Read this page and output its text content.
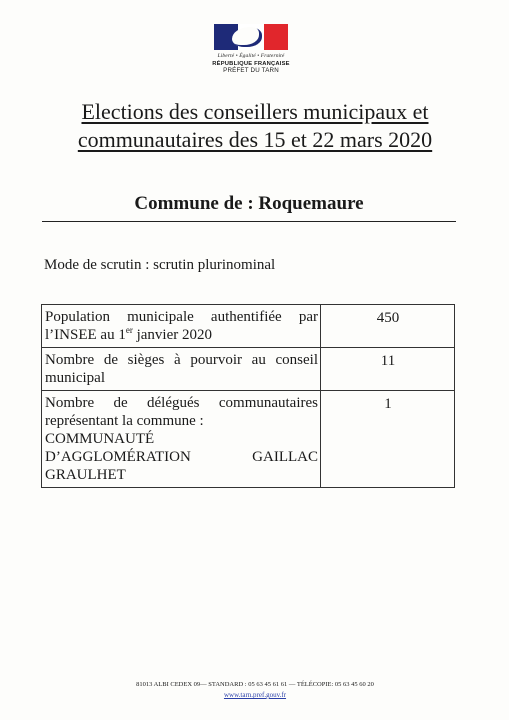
Liberté • Égalité • Fraternité
RÉPUBLIQUE FRANÇAISE
PRÉFET DU TARN
Elections des conseillers municipaux et
communautaires des 15 et 22 mars 2020
Commune de : Roquemaure
Mode de scrutin : scrutin plurinominal
Population municipale authentifiée par l’INSEE au 1er janvier 2020	450
Nombre de sièges à pourvoir au conseil municipal	11

Nombre de délégués communautaires représentant la commune :
COMMUNAUTÉ
D’AGGLOMÉRATION GAILLAC
GRAULHET	1
81013 ALBI CEDEX 09— STANDARD : 05 63 45 61 61 — TÉLÉCOPIE: 05 63 45 60 20
www.tarn.pref.gouv.fr
